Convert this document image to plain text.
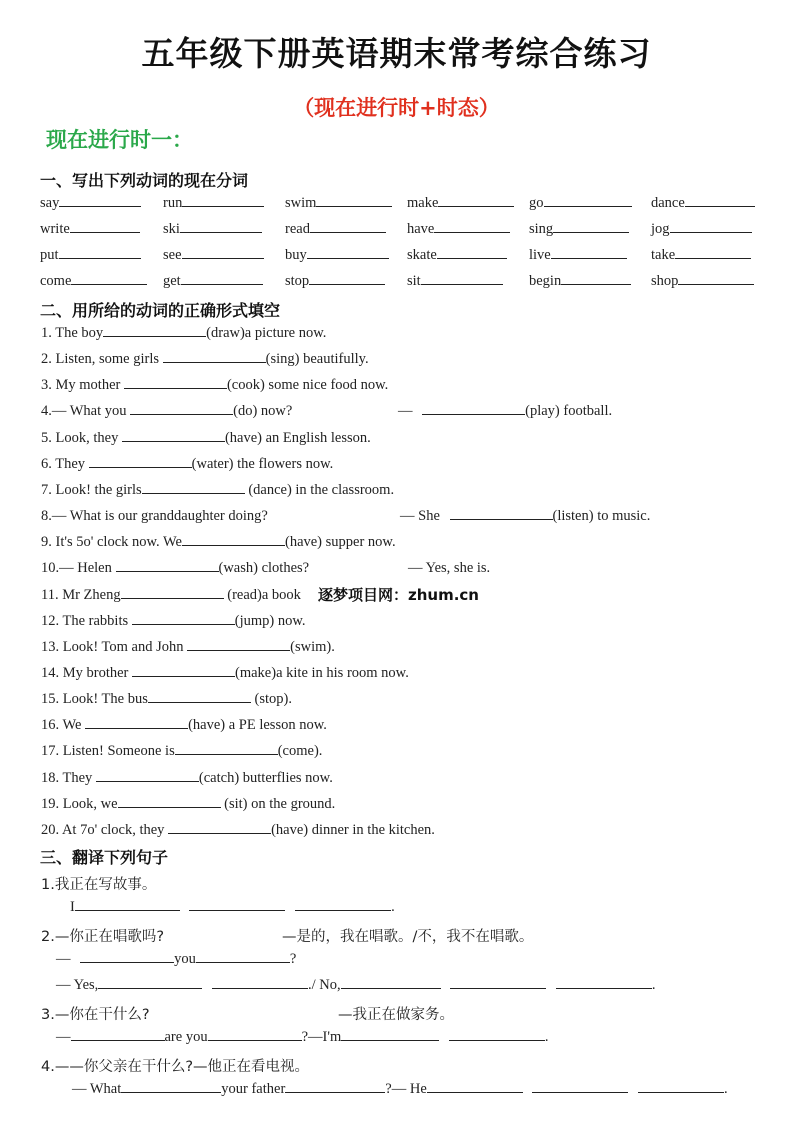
五年级下册英语期末常考综合练习
（现在进行时+时态）
现在进行时一：
一、写出下列动词的现在分词
say	run	swim	make	go	dance
write	ski	read	have	sing	jog
put	see	buy	skate	live	take
come	get	stop	sit	begin	shop
二、用所给的动词的正确形式填空
1. The boy	(draw)a picture now.
2. Listen, some girls	(sing) beautifully.
3. My mother	(cook) some nice food now.
4.— What you	(do) now?	—	(play) football.
5. Look, they	(have) an English lesson.
6. They	(water) the flowers now.
7. Look! the girls	(dance) in the classroom.
8.— What is our granddaughter doing?	— She	(listen) to music.
9. It's 5o' clock now. We	(have) supper now.
10.— Helen	(wash) clothes?	— Yes, she is.
11. Mr Zheng	(read)a book
12. The rabbits	(jump) now.
13. Look! Tom and John	(swim).
14. My brother	(make)a kite in his room now.
15. Look! The bus	(stop).
16. We	(have) a PE lesson now.
17. Listen! Someone is	(come).
18. They	(catch) butterflies now.
19. Look, we	(sit) on the ground.
20. At 7o' clock, they	(have) dinner in the kitchen.
逐梦项目网：zhum.cn
三、翻译下列句子
1.我正在写故事。
I	.
2.—你正在唱歌吗?	—是的，我在唱歌。/不，我不在唱歌。
—	you	?
— Yes,	./ No,	.
3.—你在干什么?	—我正在做家务。
—	are you	?—I'm	.
4.——你父亲在干什么?—他正在看电视。
— What	your father	?— He	.
